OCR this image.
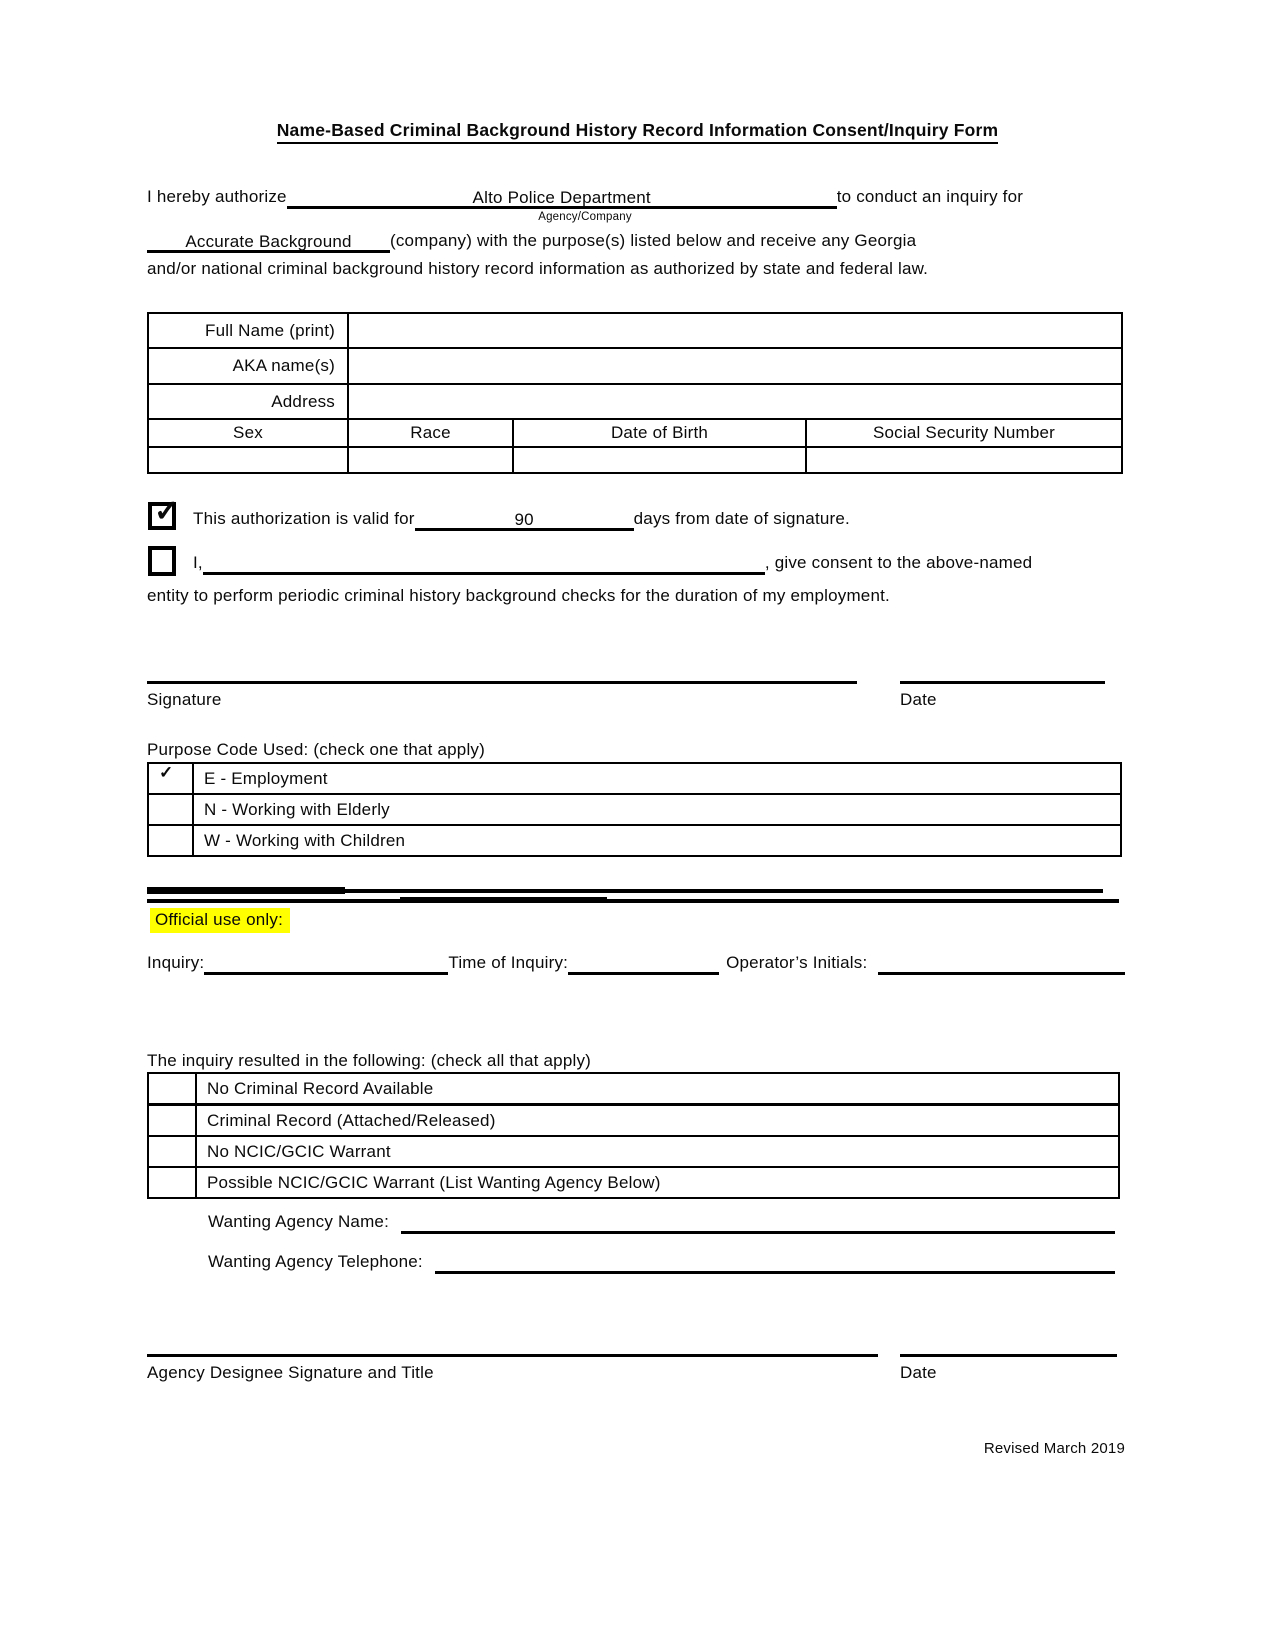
Name-Based Criminal Background History Record Information Consent/Inquiry Form
I hereby authorize	Alto Police Department	to conduct an inquiry for
Agency/Company
Accurate Background	(company) with the purpose(s) listed below and receive any Georgia
and/or national criminal background history record information as authorized by state and federal law.
Full Name (print)			
AKA name(s)			
Address			
Sex	Race	Date of Birth	Social Security Number

✓ This authorization is valid for	90	days from date of signature.
I,	, give consent to the above-named
entity to perform periodic criminal history background checks for the duration of my employment.
Signature	Date
Purpose Code Used: (check one that apply)
✓	E - Employment
	N - Working with Elderly
	W - Working with Children
Official use only:
Inquiry:	Time of Inquiry:	Operator’s Initials:
The inquiry resulted in the following: (check all that apply)
	No Criminal Record Available
	Criminal Record (Attached/Released)
	No NCIC/GCIC Warrant
	Possible NCIC/GCIC Warrant (List Wanting Agency Below)
Wanting Agency Name:
Wanting Agency Telephone:
Agency Designee Signature and Title	Date
Revised March 2019
